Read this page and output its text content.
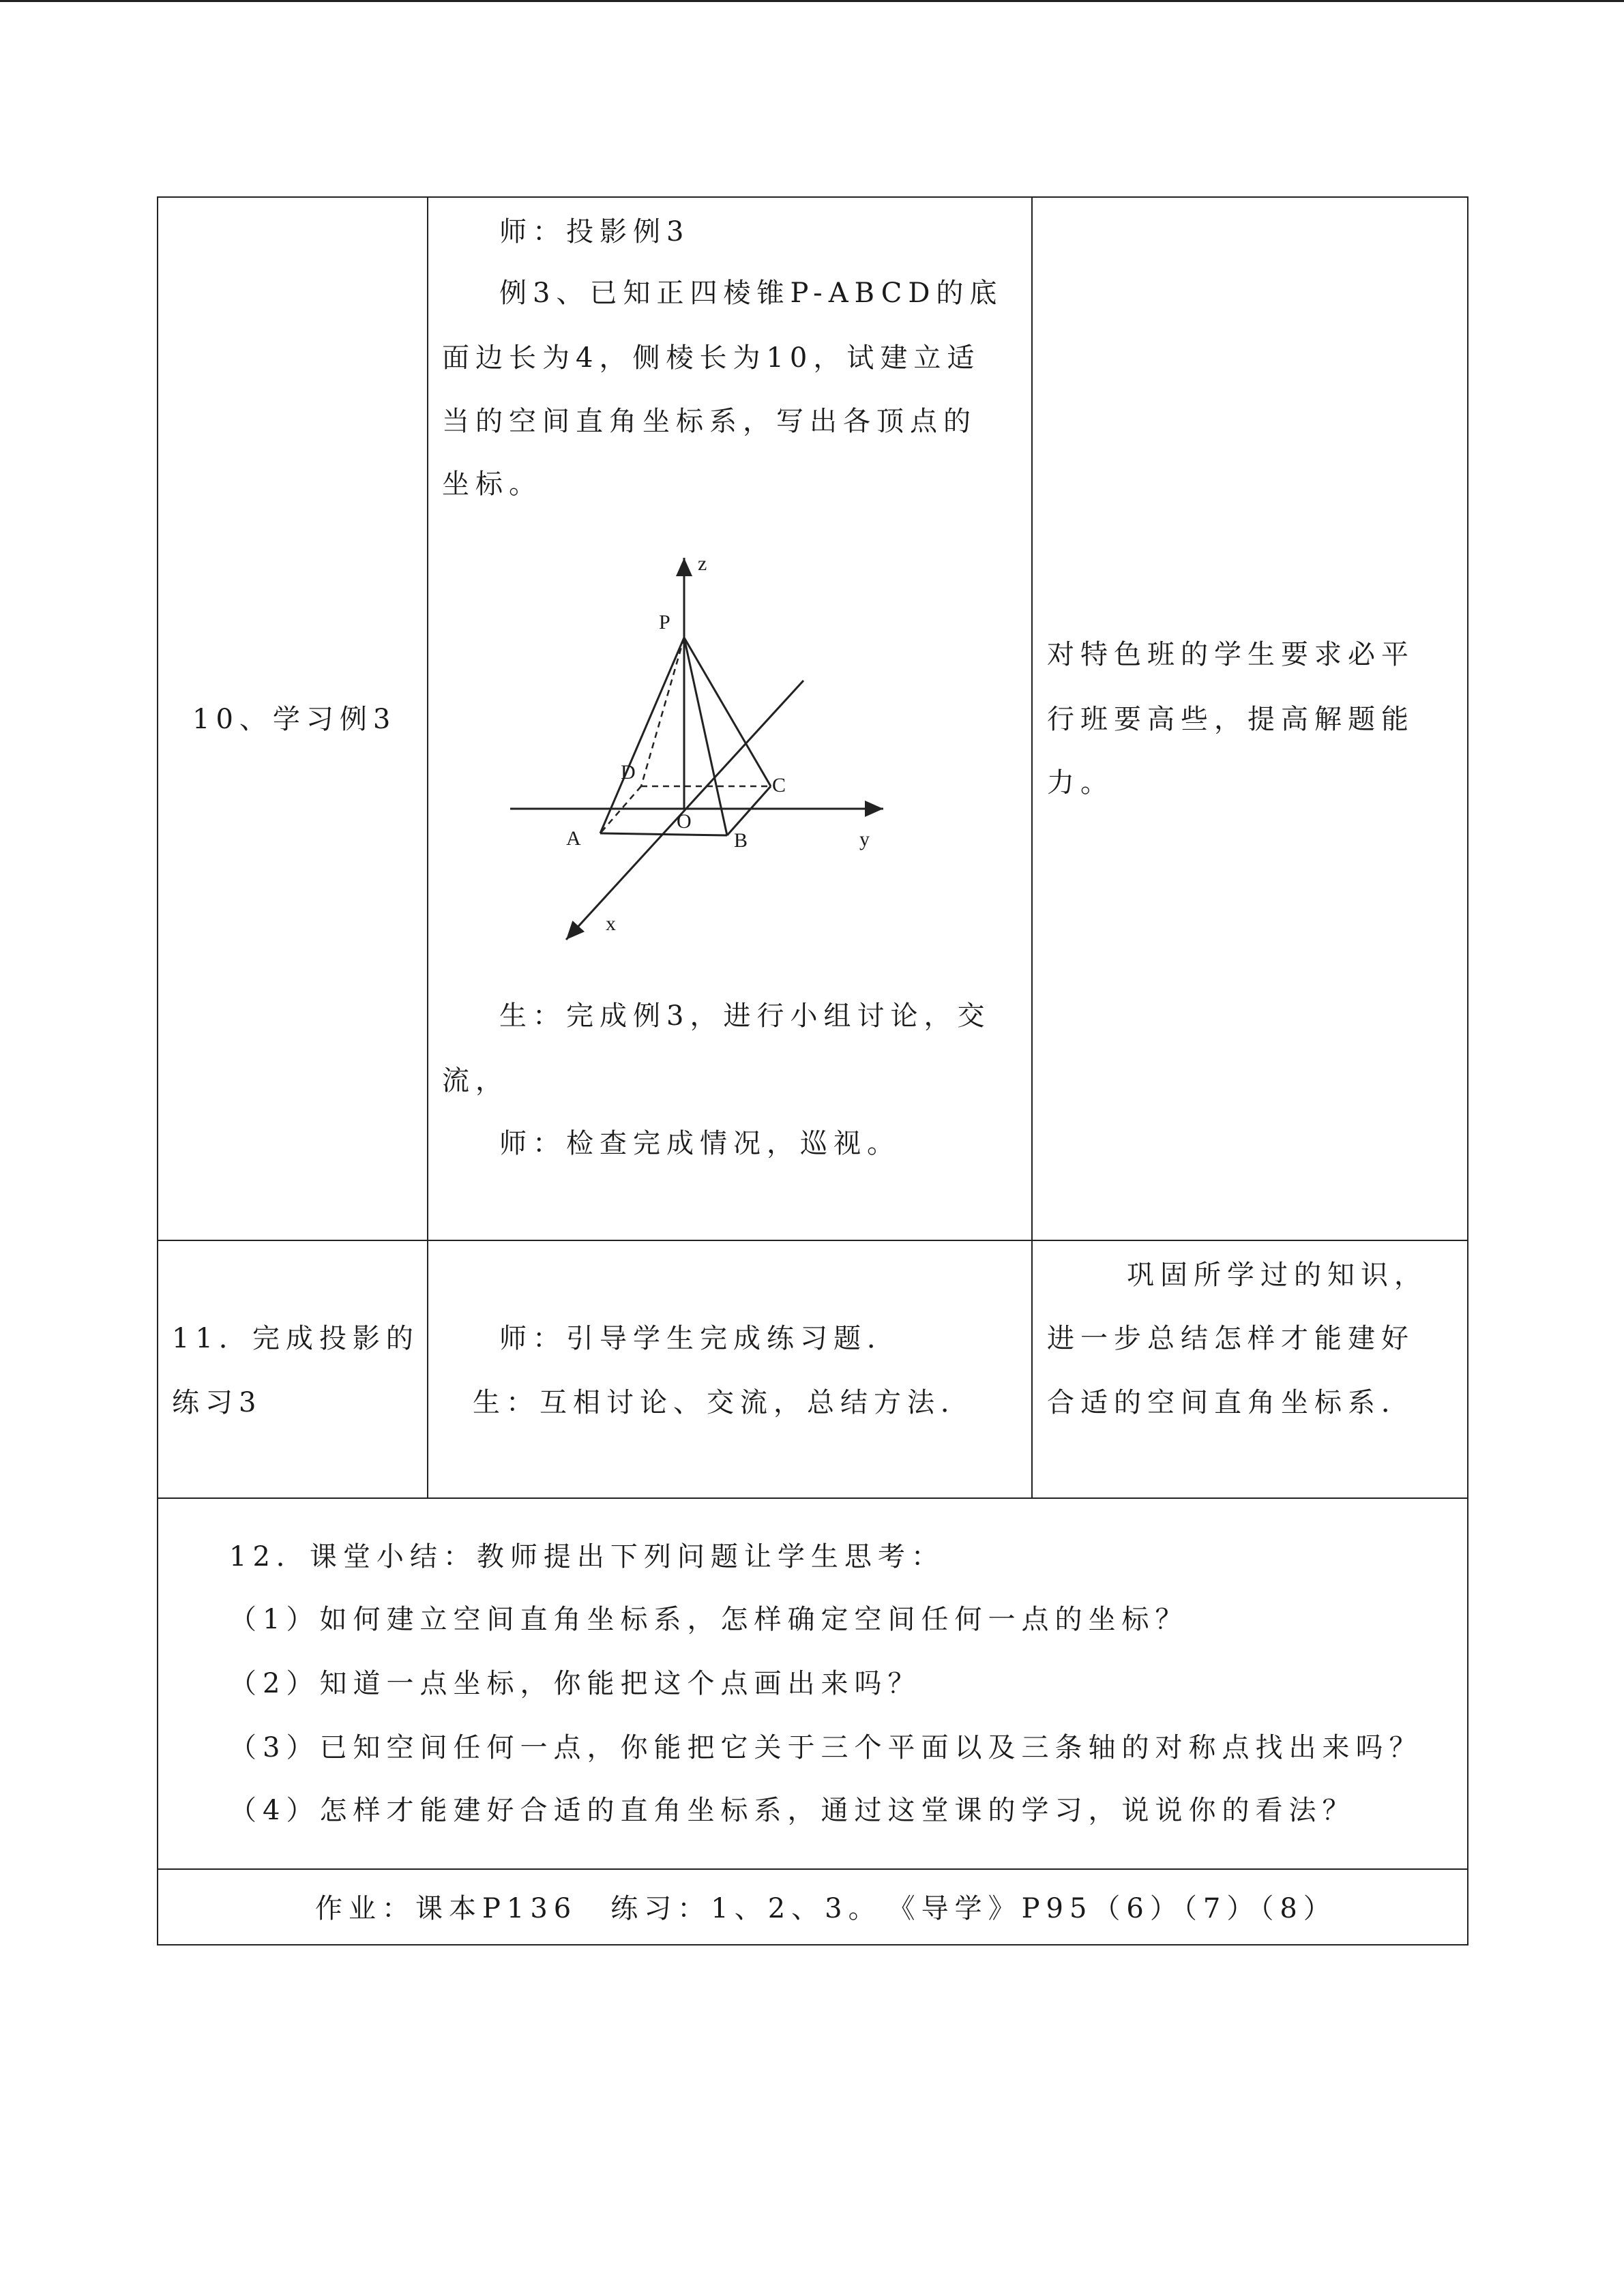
10、学习例3
师：投影例3
例3、已知正四棱锥P-ABCD的底
面边长为4，侧棱长为10，试建立适
当的空间直角坐标系，写出各顶点的
坐标。
z
P
D
C
O
A	B	y
x
生：完成例3，进行小组讨论，交
流，
师：检查完成情况，巡视。
对特色班的学生要求必平
行班要高些，提高解题能
力。
11．完成投影的
练习3
师：引导学生完成练习题．
生：互相讨论、交流，总结方法．
巩固所学过的知识，
进一步总结怎样才能建好
合适的空间直角坐标系．
12．课堂小结：教师提出下列问题让学生思考：
（1）如何建立空间直角坐标系，怎样确定空间任何一点的坐标？
（2）知道一点坐标，你能把这个点画出来吗？
（3）已知空间任何一点，你能把它关于三个平面以及三条轴的对称点找出来吗？
（4）怎样才能建好合适的直角坐标系，通过这堂课的学习，说说你的看法？
作业：课本P136　练习：1、2、3。　《导学》P95（6）（7）（8）
